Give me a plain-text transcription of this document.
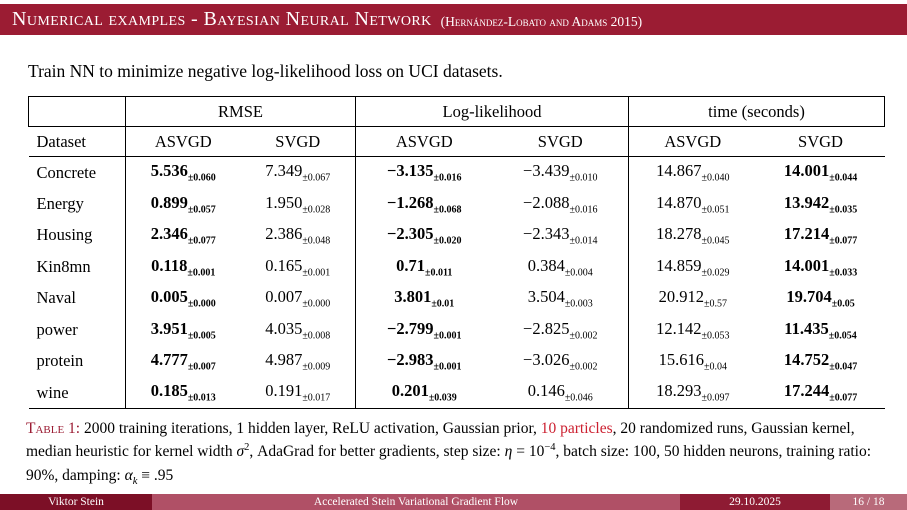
Numerical examples - Bayesian Neural Network (Hernández-Lobato and Adams 2015)

Train NN to minimize negative log-likelihood loss on UCI datasets.

	RMSE		Log-likelihood		time (seconds)	
Dataset	ASVGD	SVGD	ASVGD	SVGD	ASVGD	SVGD
Concrete	$5.536_{\pm 0.060}$	$7.349_{\pm 0.067}$	$-3.135_{\pm 0.016}$	$-3.439_{\pm 0.010}$	$14.867_{\pm 0.040}$	$14.001_{\pm 0.044}$
Energy	$0.899_{\pm 0.057}$	$1.950_{\pm 0.028}$	$-1.268_{\pm 0.068}$	$-2.088_{\pm 0.016}$	$14.870_{\pm 0.051}$	$13.942_{\pm 0.035}$
Housing	$2.346_{\pm 0.077}$	$2.386_{\pm 0.048}$	$-2.305_{\pm 0.020}$	$-2.343_{\pm 0.014}$	$18.278_{\pm 0.045}$	$17.214_{\pm 0.077}$
Kin8mn	$0.118_{\pm 0.001}$	$0.165_{\pm 0.001}$	$0.71_{\pm 0.011}$	$0.384_{\pm 0.004}$	$14.859_{\pm 0.029}$	$14.001_{\pm 0.033}$
Naval	$0.005_{\pm 0.000}$	$0.007_{\pm 0.000}$	$3.801_{\pm 0.01}$	$3.504_{\pm 0.003}$	$20.912_{\pm 0.57}$	$19.704_{\pm 0.05}$
power	$3.951_{\pm 0.005}$	$4.035_{\pm 0.008}$	$-2.799_{\pm 0.001}$	$-2.825_{\pm 0.002}$	$12.142_{\pm 0.053}$	$11.435_{\pm 0.054}$
protein	$4.777_{\pm 0.007}$	$4.987_{\pm 0.009}$	$-2.983_{\pm 0.001}$	$-3.026_{\pm 0.002}$	$15.616_{\pm 0.04}$	$14.752_{\pm 0.047}$
wine	$0.185_{\pm 0.013}$	$0.191_{\pm 0.017}$	$0.201_{\pm 0.039}$	$0.146_{\pm 0.046}$	$18.293_{\pm 0.097}$	$17.244_{\pm 0.077}$

Table 1: 2000 training iterations, 1 hidden layer, ReLU activation, Gaussian prior, 10 particles, 20 randomized runs, Gaussian kernel, median heuristic for kernel width $\sigma^2$, AdaGrad for better gradients, step size: $\eta = 10^{-4}$, batch size: 100, 50 hidden neurons, training ratio: 90%, damping: $\alpha_k \equiv .95$

Viktor Stein	Accelerated Stein Variational Gradient Flow	29.10.2025	16 / 18
